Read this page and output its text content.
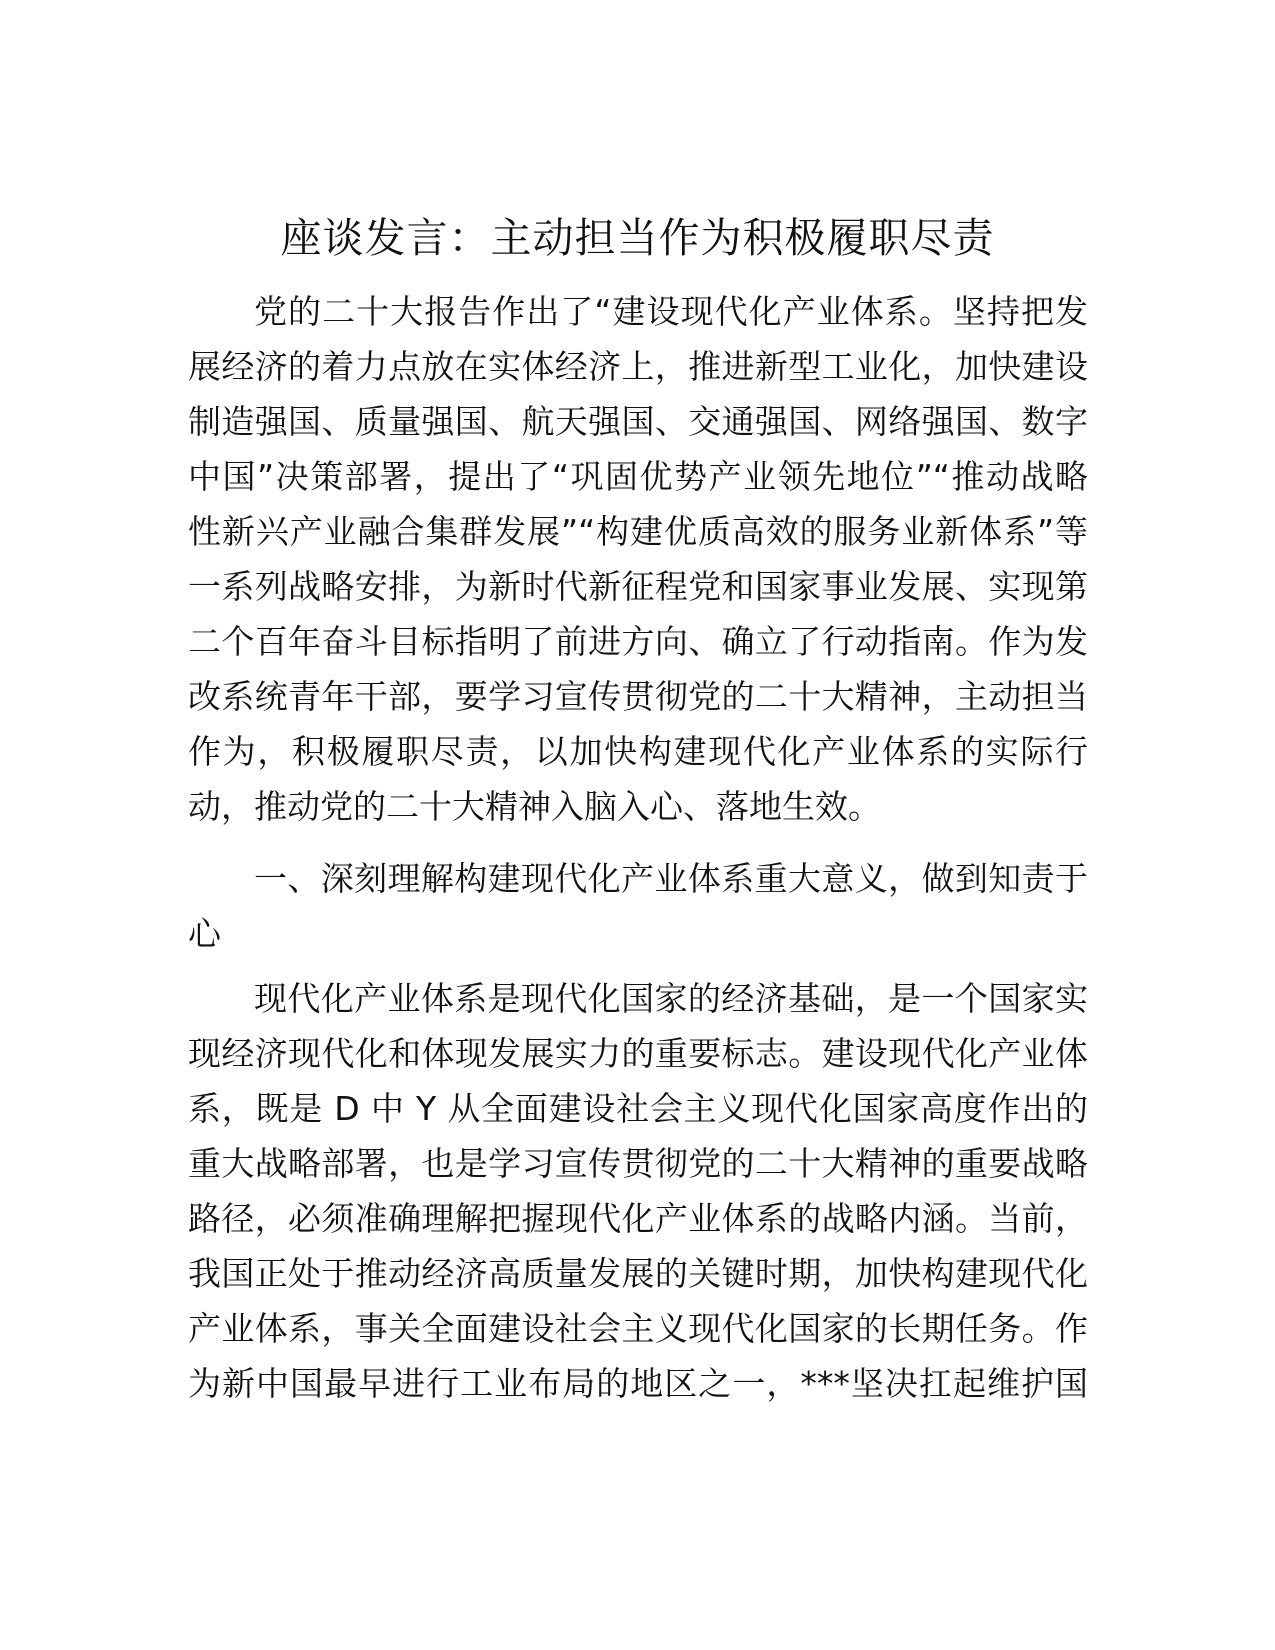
座谈发言：主动担当作为积极履职尽责
党的二十大报告作出了“建设现代化产业体系。坚持把发
展经济的着力点放在实体经济上，推进新型工业化，加快建设
制造强国、质量强国、航天强国、交通强国、网络强国、数字
中国”决策部署，提出了“巩固优势产业领先地位”“推动战略
性新兴产业融合集群发展”“构建优质高效的服务业新体系”等
一系列战略安排，为新时代新征程党和国家事业发展、实现第
二个百年奋斗目标指明了前进方向、确立了行动指南。作为发
改系统青年干部，要学习宣传贯彻党的二十大精神，主动担当
作为，积极履职尽责，以加快构建现代化产业体系的实际行
动，推动党的二十大精神入脑入心、落地生效。
一、深刻理解构建现代化产业体系重大意义，做到知责于
心
现代化产业体系是现代化国家的经济基础，是一个国家实
现经济现代化和体现发展实力的重要标志。建设现代化产业体
系，既是 D 中 Y 从全面建设社会主义现代化国家高度作出的
重大战略部署，也是学习宣传贯彻党的二十大精神的重要战略
路径，必须准确理解把握现代化产业体系的战略内涵。当前，
我国正处于推动经济高质量发展的关键时期，加快构建现代化
产业体系，事关全面建设社会主义现代化国家的长期任务。作
为新中国最早进行工业布局的地区之一，***坚决扛起维护国
